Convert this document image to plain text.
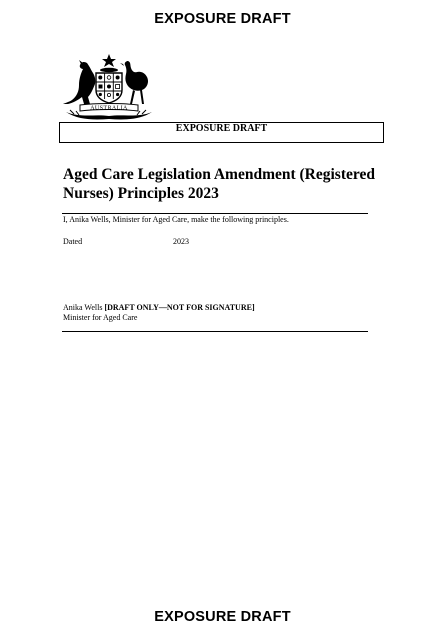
EXPOSURE DRAFT
AUSTRALIA
EXPOSURE DRAFT
Aged Care Legislation Amendment (Registered
Nurses) Principles 2023
I, Anika Wells, Minister for Aged Care, make the following principles.
Dated	2023
Anika Wells [DRAFT ONLY—NOT FOR SIGNATURE]
Minister for Aged Care
EXPOSURE DRAFT
